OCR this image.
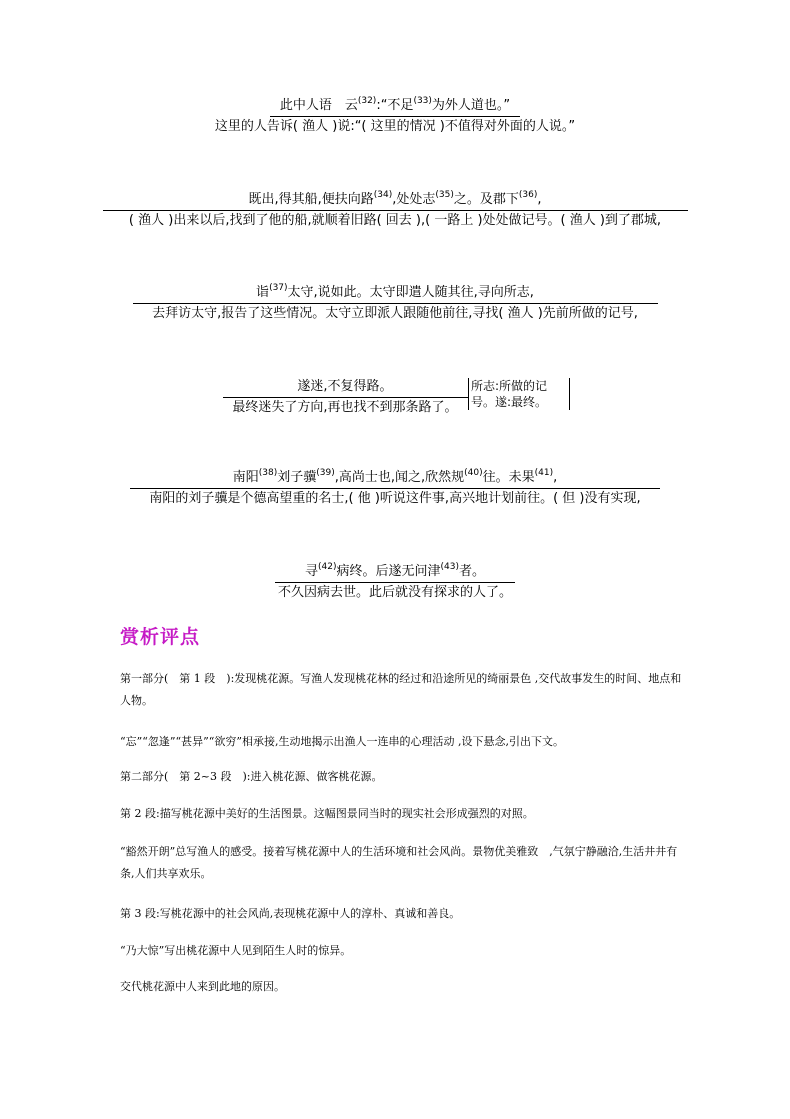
此中人语　云$^{(32)}$:“不足$^{(33)}$为外人道也。”
这里的人告诉( 渔人 )说:“( 这里的情况 )不值得对外面的人说。”
既出,得其船,便扶向路$^{(34)}$,处处志$^{(35)}$之。及郡下$^{(36)}$,
( 渔人 )出来以后,找到了他的船,就顺着旧路( 回去 ),( 一路上 )处处做记号。( 渔人 )到了郡城,
诣$^{(37)}$太守,说如此。太守即遣人随其往,寻向所志,
去拜访太守,报告了这些情况。太守立即派人跟随他前往,寻找( 渔人 )先前所做的记号,
遂迷,不复得路。
最终迷失了方向,再也找不到那条路了。
所志:所做的记
号。遂:最终。
南阳$^{(38)}$刘子骥$^{(39)}$,高尚士也,闻之,欣然规$^{(40)}$往。未果$^{(41)}$,
南阳的刘子骥是个德高望重的名士,( 他 )听说这件事,高兴地计划前往。( 但 )没有实现,
寻$^{(42)}$病终。后遂无问津$^{(43)}$者。
不久因病去世。此后就没有探求的人了。
赏析评点
第一部分(　第 1 段　):发现桃花源。写渔人发现桃花林的经过和沿途所见的绮丽景色 ,交代故事发生的时间、地点和人物。
“忘”“忽逢”“甚异”“欲穷”相承接,生动地揭示出渔人一连串的心理活动 ,设下悬念,引出下文。
第二部分(　第 2~3 段　):进入桃花源、做客桃花源。
第 2 段:描写桃花源中美好的生活图景。这幅图景同当时的现实社会形成强烈的对照。
“豁然开朗”总写渔人的感受。接着写桃花源中人的生活环境和社会风尚。景物优美雅致　,气氛宁静融洽,生活井井有条,人们共享欢乐。
第 3 段:写桃花源中的社会风尚,表现桃花源中人的淳朴、真诚和善良。
“乃大惊”写出桃花源中人见到陌生人时的惊异。
交代桃花源中人来到此地的原因。
